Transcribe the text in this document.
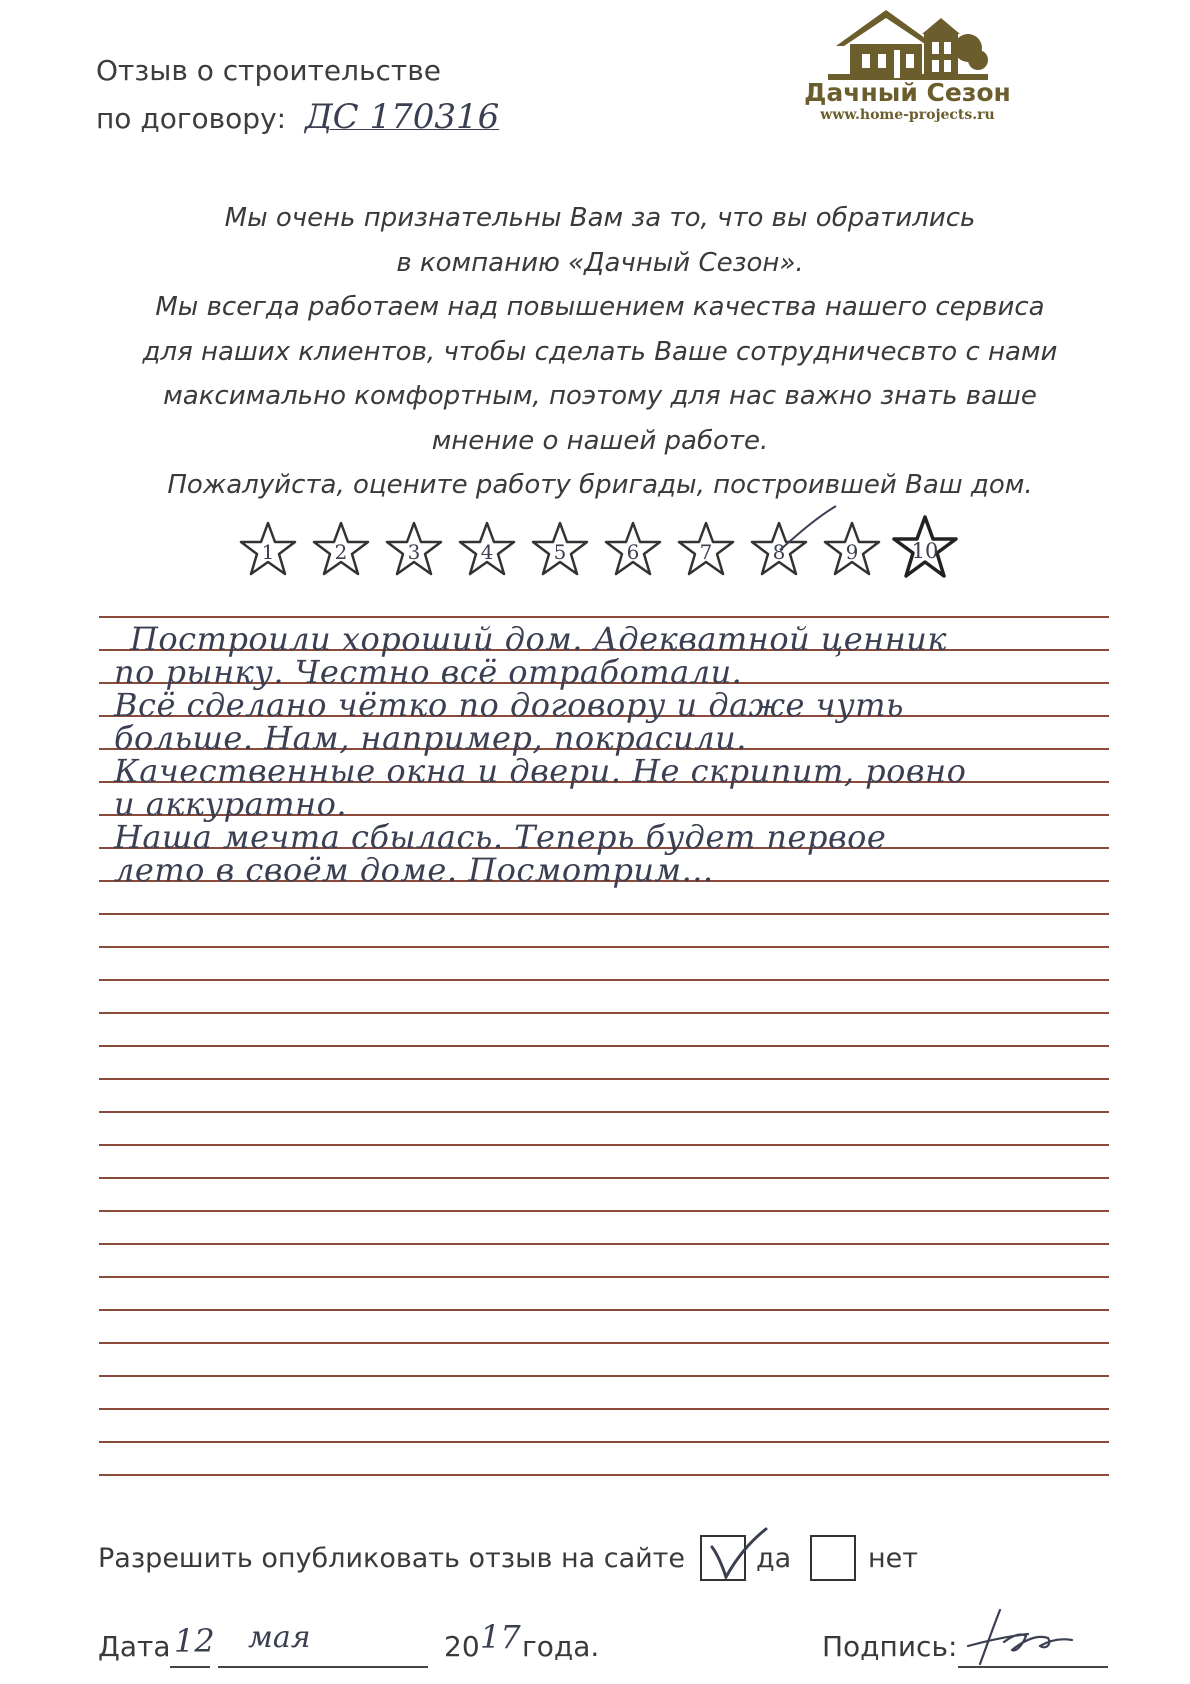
Отзыв о строительстве
по договору: ДС 170316
Дачный Сезон
www.home-projects.ru
Мы очень признательны Вам за то, что вы обратились
в компанию «Дачный Сезон».
Мы всегда работаем над повышением качества нашего сервиса
для наших клиентов, чтобы сделать Ваше сотрудничесвто с нами
максимально комфортным, поэтому для нас важно знать ваше
мнение о нашей работе.
Пожалуйста, оцените работу бригады, построившей Ваш дом.
1	2	3	4	5	6	7	8	9	10
Построили хороший дом. Адекватной ценник
по рынку. Честно всё отработали.
Всё сделано чётко по договору и даже чуть
больше. Нам, например, покрасили.
Качественные окна и двери. Не скрипит, ровно
и аккуратно.
Наша мечта сбылась. Теперь будет первое
лето в своём доме. Посмотрим...
Разрешить опубликовать отзыв на сайте	да	нет
Дата 12 мая	20 17 года.	Подпись:
